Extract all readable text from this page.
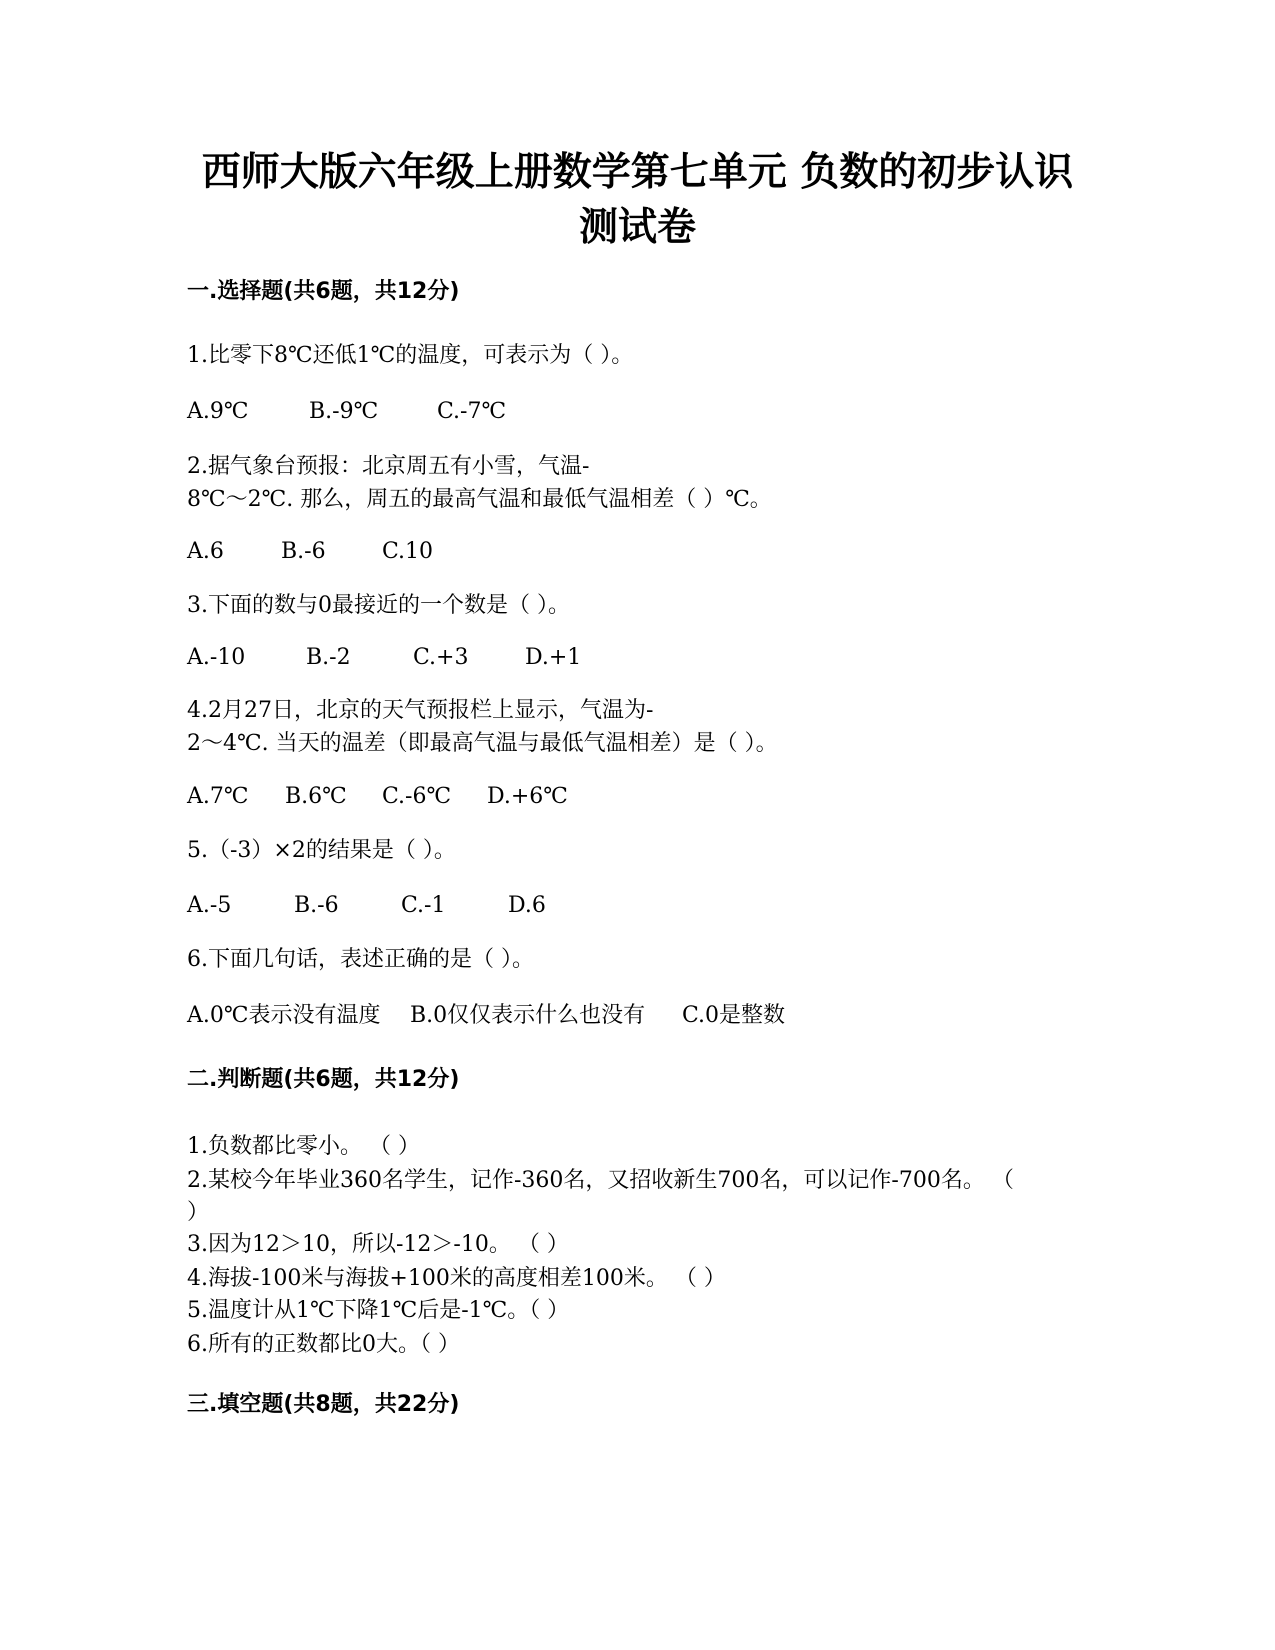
西师大版六年级上册数学第七单元 负数的初步认识
测试卷
一.选择题(共6题，共12分)
1.比零下8℃还低1℃的温度，可表示为（ ）。
A.9℃	B.-9℃	C.-7℃
2.据气象台预报：北京周五有小雪，气温-
8℃～2℃. 那么，周五的最高气温和最低气温相差（ ）℃。
A.6	B.-6	C.10
3.下面的数与0最接近的一个数是（ ）。
A.-10	B.-2	C.+3	D.+1
4.2月27日，北京的天气预报栏上显示，气温为-
2～4℃. 当天的温差（即最高气温与最低气温相差）是（ ）。
A.7℃ B.6℃ C.-6℃ D.+6℃
5.（-3）×2的结果是（ ）。
A.-5	B.-6	C.-1	D.6
6.下面几句话，表述正确的是（ ）。
A.0℃表示没有温度 B.0仅仅表示什么也没有 C.0是整数
二.判断题(共6题，共12分)
1.负数都比零小。 （ ）
2.某校今年毕业360名学生，记作-360名，又招收新生700名，可以记作-700名。 （
）
3.因为12＞10，所以-12＞-10。 （ ）
4.海拔-100米与海拔+100米的高度相差100米。 （ ）
5.温度计从1℃下降1℃后是-1℃。（ ）
6.所有的正数都比0大。（ ）
三.填空题(共8题，共22分)
